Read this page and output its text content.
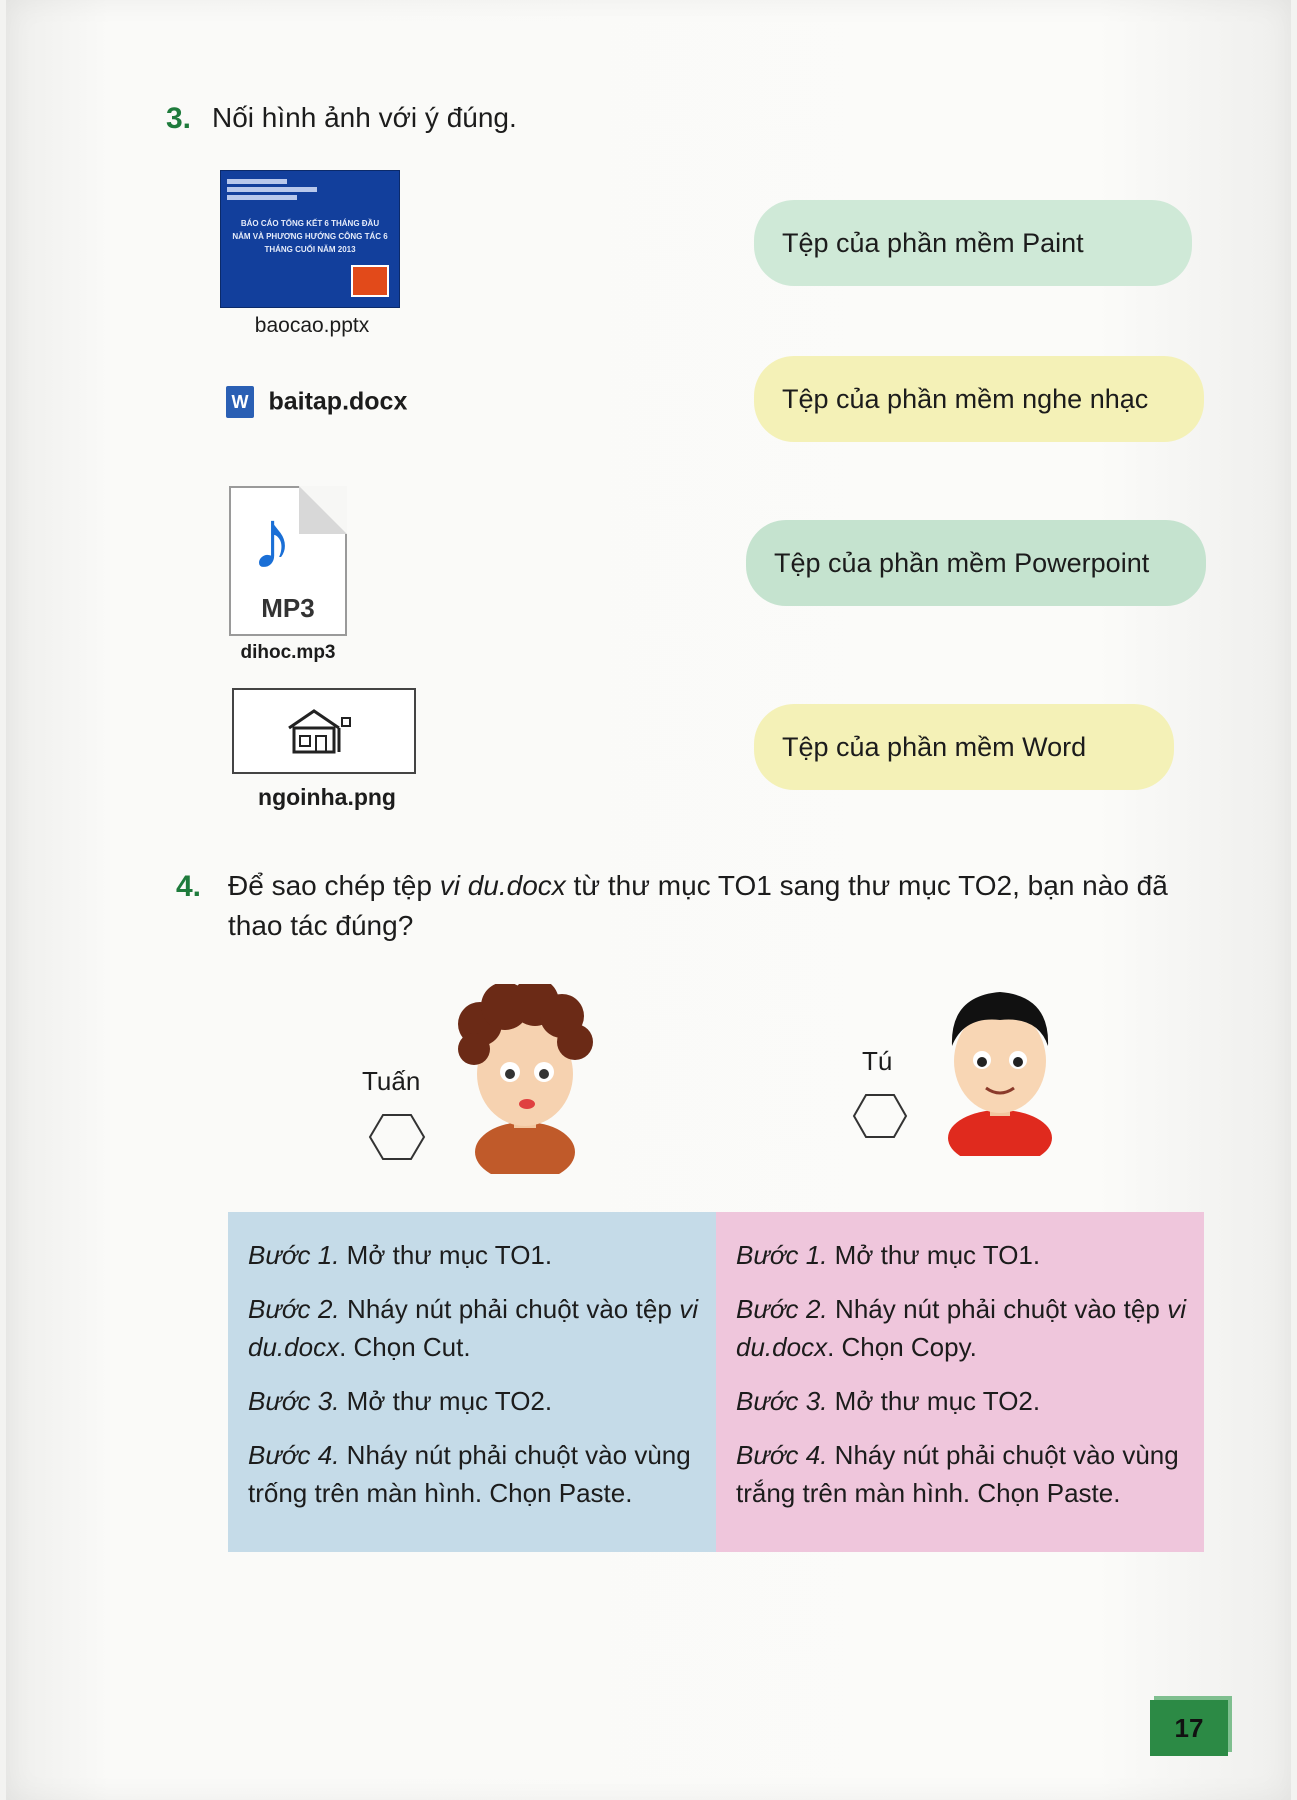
3. Nối hình ảnh với ý đúng.
BÁO CÁO TỔNG KẾT 6 THÁNG ĐẦU NĂM VÀ PHƯƠNG HƯỚNG CÔNG TÁC 6 THÁNG CUỐI NĂM 2013
baocao.pptx
W baitap.docx
♪
MP3
dihoc.mp3
ngoinha.png
Tệp của phần mềm Paint
Tệp của phần mềm nghe nhạc
Tệp của phần mềm Powerpoint
Tệp của phần mềm Word
4. Để sao chép tệp vi du.docx từ thư mục TO1 sang thư mục TO2, bạn nào đã thao tác đúng?
Tuấn
Tú
Bước 1. Mở thư mục TO1.
Bước 2. Nháy nút phải chuột vào tệp vi du.docx. Chọn Cut.
Bước 3. Mở thư mục TO2.
Bước 4. Nháy nút phải chuột vào vùng trống trên màn hình. Chọn Paste.
Bước 1. Mở thư mục TO1.
Bước 2. Nháy nút phải chuột vào tệp vi du.docx. Chọn Copy.
Bước 3. Mở thư mục TO2.
Bước 4. Nháy nút phải chuột vào vùng trắng trên màn hình. Chọn Paste.
17
